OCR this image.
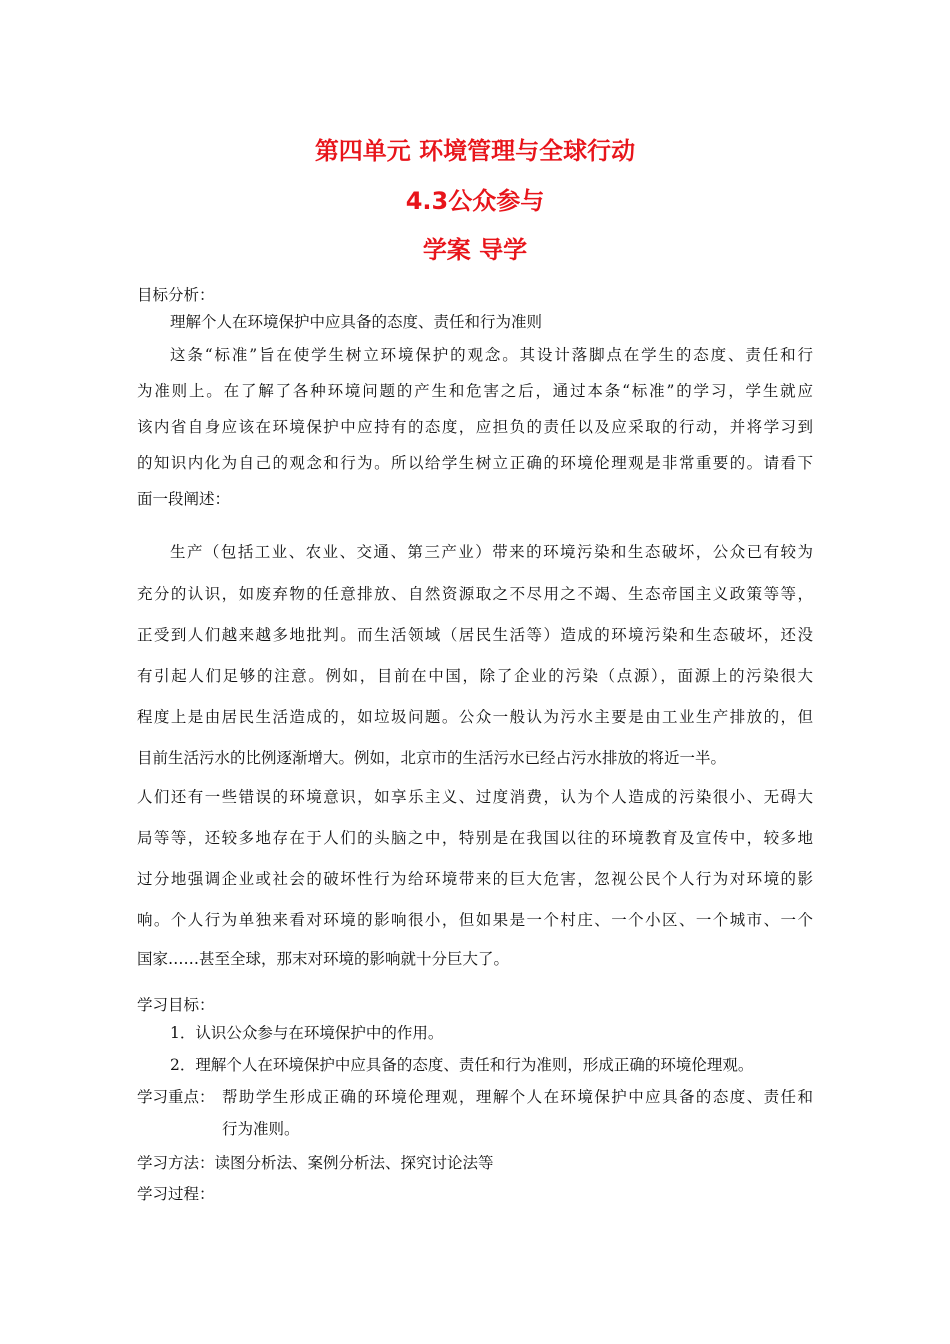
第四单元 环境管理与全球行动
4.3公众参与
学案 导学
目标分析：
理解个人在环境保护中应具备的态度、责任和行为准则
这条“标准”旨在使学生树立环境保护的观念。其设计落脚点在学生的态度、责任和行
为准则上。在了解了各种环境问题的产生和危害之后，通过本条“标准”的学习，学生就应
该内省自身应该在环境保护中应持有的态度，应担负的责任以及应采取的行动，并将学习到
的知识内化为自己的观念和行为。所以给学生树立正确的环境伦理观是非常重要的。请看下
面一段阐述：
生产（包括工业、农业、交通、第三产业）带来的环境污染和生态破坏，公众已有较为
充分的认识，如废弃物的任意排放、自然资源取之不尽用之不竭、生态帝国主义政策等等，
正受到人们越来越多地批判。而生活领域（居民生活等）造成的环境污染和生态破坏，还没
有引起人们足够的注意。例如，目前在中国，除了企业的污染（点源），面源上的污染很大
程度上是由居民生活造成的，如垃圾问题。公众一般认为污水主要是由工业生产排放的，但
目前生活污水的比例逐渐增大。例如，北京市的生活污水已经占污水排放的将近一半。
人们还有一些错误的环境意识，如享乐主义、过度消费，认为个人造成的污染很小、无碍大
局等等，还较多地存在于人们的头脑之中，特别是在我国以往的环境教育及宣传中，较多地
过分地强调企业或社会的破坏性行为给环境带来的巨大危害，忽视公民个人行为对环境的影
响。个人行为单独来看对环境的影响很小，但如果是一个村庄、一个小区、一个城市、一个
国家……甚至全球，那末对环境的影响就十分巨大了。
学习目标：
1．认识公众参与在环境保护中的作用。
2．理解个人在环境保护中应具备的态度、责任和行为准则，形成正确的环境伦理观。
学习重点： 帮助学生形成正确的环境伦理观，理解个人在环境保护中应具备的态度、责任和
行为准则。
学习方法：读图分析法、案例分析法、探究讨论法等
学习过程：
